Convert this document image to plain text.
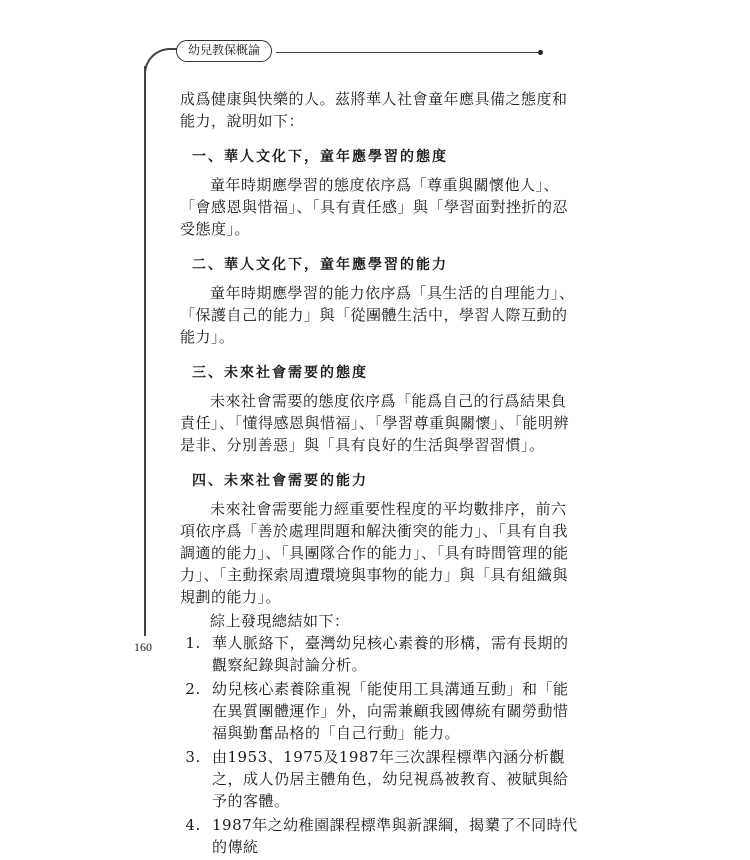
幼兒教保概論

成爲健康與快樂的人。茲將華人社會童年應具備之態度和能力，說明如下：

一、華人文化下，童年應學習的態度

童年時期應學習的態度依序爲「尊重與關懷他人」、「會感恩與惜福」、「具有責任感」與「學習面對挫折的忍受態度」。

二、華人文化下，童年應學習的能力

童年時期應學習的能力依序爲「具生活的自理能力」、「保護自己的能力」與「從團體生活中，學習人際互動的能力」。

三、未來社會需要的態度

未來社會需要的態度依序爲「能爲自己的行爲結果負責任」、「懂得感恩與惜福」、「學習尊重與關懷」、「能明辨是非、分別善惡」與「具有良好的生活與學習習慣」。

四、未來社會需要的能力

未來社會需要能力經重要性程度的平均數排序，前六項依序爲「善於處理問題和解決衝突的能力」、「具有自我調適的能力」、「具團隊合作的能力」、「具有時間管理的能力」、「主動探索周遭環境與事物的能力」與「具有組織與規劃的能力」。

綜上發現總結如下：

1. 華人脈絡下，臺灣幼兒核心素養的形構，需有長期的觀察紀錄與討論分析。
2. 幼兒核心素養除重視「能使用工具溝通互動」和「能在異質團體運作」外，向需兼顧我國傳統有關勞動惜福與勤奮品格的「自己行動」能力。
3. 由1953、1975及1987年三次課程標準內涵分析觀之，成人仍居主體角色，幼兒視爲被教育、被賦與給予的客體。
4. 1987年之幼稚園課程標準與新課綱，揭櫫了不同時代的傳統
160
